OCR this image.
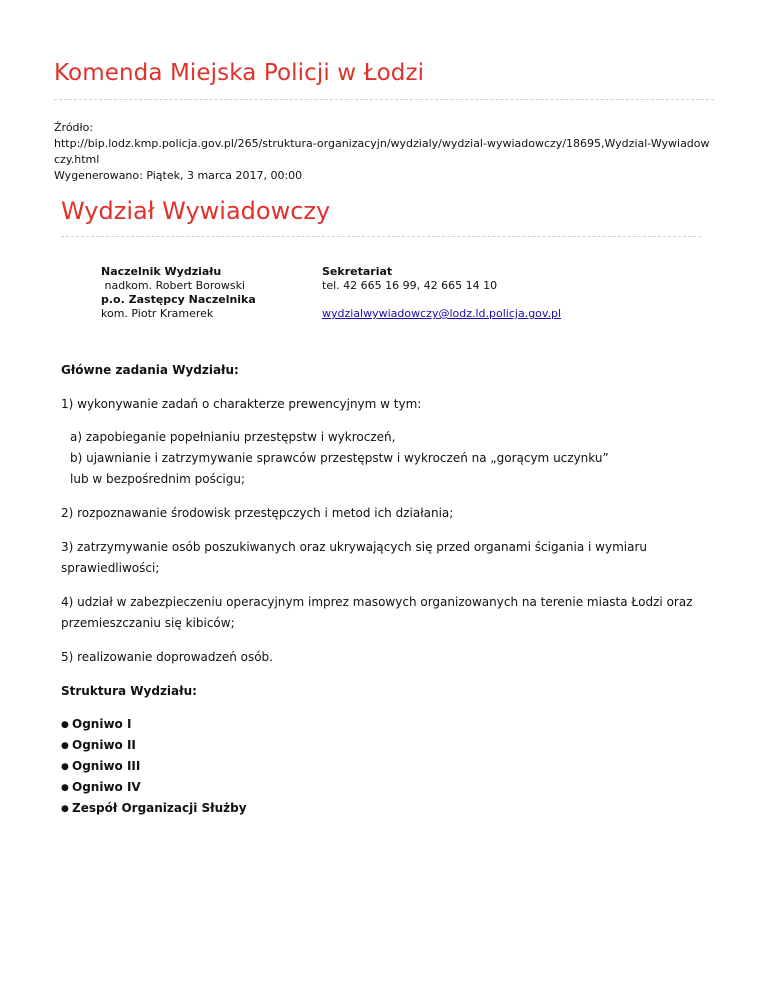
Komenda Miejska Policji w Łodzi
Źródło:
http://bip.lodz.kmp.policja.gov.pl/265/struktura-organizacyjn/wydzialy/wydzial-wywiadowczy/18695,Wydzial-Wywiadowczy.html
Wygenerowano: Piątek, 3 marca 2017, 00:00
Wydział Wywiadowczy
Naczelnik Wydziału
nadkom. Robert Borowski
p.o. Zastępcy Naczelnika
kom. Piotr Kramerek
Sekretariat
tel. 42 665 16 99, 42 665 14 10
wydzialwywiadowczy@lodz.ld.policja.gov.pl

Główne zadania Wydziału:

1) wykonywanie zadań o charakterze prewencyjnym w tym:

a) zapobieganie popełnianiu przestępstw i wykroczeń,

b) ujawnianie i zatrzymywanie sprawców przestępstw i wykroczeń na „gorącym uczynku”

lub w bezpośrednim pościgu;

2) rozpoznawanie środowisk przestępczych i metod ich działania;

3) zatrzymywanie osób poszukiwanych oraz ukrywających się przed organami ścigania i wymiaru sprawiedliwości;

4) udział w zabezpieczeniu operacyjnym imprez masowych organizowanych na terenie miasta Łodzi oraz przemieszczaniu się kibiców;

5) realizowanie doprowadzeń osób.

Struktura Wydziału:

● Ogniwo I
● Ogniwo II
● Ogniwo III
● Ogniwo IV
● Zespół Organizacji Służby
